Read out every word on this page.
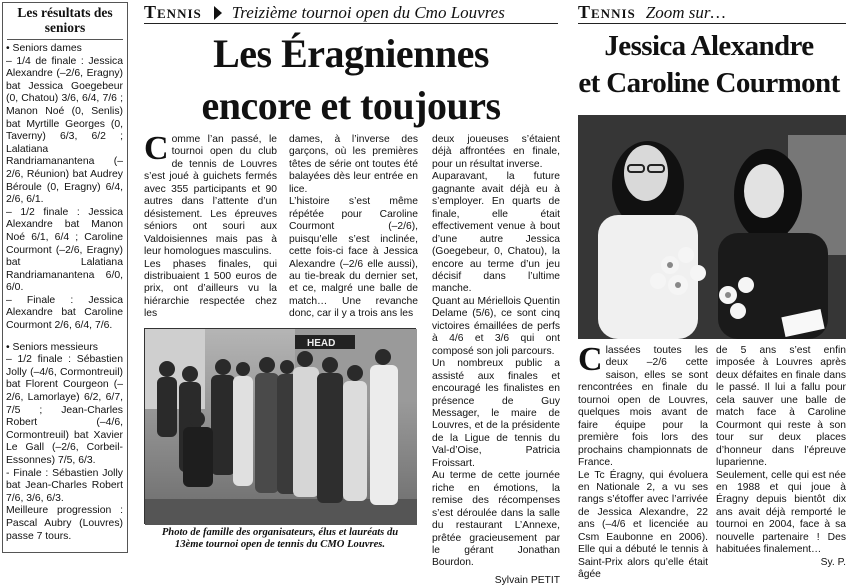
Les résultats des seniors
• Seniors dames
– 1/4 de finale : Jessica Alexandre (–2/6, Eragny) bat Jessica Goegebeur (0, Chatou) 3/6, 6/4, 7/6 ; Manon Noé (0, Senlis) bat Myrtille Georges (0, Taverny) 6/3, 6/2 ; Lalatiana Randriamanantena (–2/6, Réunion) bat Audrey Béroule (0, Eragny) 6/4, 2/6, 6/1.
– 1/2 finale : Jessica Alexandre bat Manon Noé 6/1, 6/4 ; Caroline Courmont (–2/6, Eragny) bat Lalatiana Randriamanantena 6/0, 6/0.
– Finale : Jessica Alexandre bat Caroline Courmont 2/6, 6/4, 7/6.
• Seniors messieurs
– 1/2 finale : Sébastien Jolly (–4/6, Cormontreuil) bat Florent Courgeon (–2/6, Lamorlaye) 6/2, 6/7, 7/5 ; Jean-Charles Robert (–4/6, Cormontreuil) bat Xavier Le Gall (–2/6, Corbeil-Essonnes) 7/5, 6/3.
- Finale : Sébastien Jolly bat Jean-Charles Robert 7/6, 3/6, 6/3.
Meilleure progression : Pascal Aubry (Louvres) passe 7 tours.
Tennis Treizième tournoi open du Cmo Louvres
Les Éragniennes
encore et toujours

Comme l’an passé, le tournoi open du club de tennis de Louvres s’est joué à guichets fermés avec 355 participants et 90 autres dans l’attente d’un désistement. Les épreuves séniors ont souri aux Valdoisiennes mais pas à leur homologues masculins.

Les phases finales, qui distribuaient 1 500 euros de prix, ont d’ailleurs vu la hiérarchie respectée chez les

dames, à l’inverse des garçons, où les premières têtes de série ont toutes été balayées dès leur entrée en lice.

L’histoire s’est même répétée pour Caroline Courmont (–2/6), puisqu’elle s’est inclinée, cette fois-ci face à Jessica Alexandre (–2/6 elle aussi), au tie-break du dernier set, et ce, malgré une balle de match… Une revanche donc, car il y a trois ans les

deux joueuses s’étaient déjà affrontées en finale, pour un résultat inverse.

Auparavant, la future gagnante avait déjà eu à s’employer. En quarts de finale, elle était effectivement venue à bout d’une autre Jessica (Goegebeur, 0, Chatou), la encore au terme d’un jeu décisif dans l’ultime manche.

Quant au Mériellois Quentin Delame (5/6), ce sont cinq victoires émaillées de perfs à 4/6 et 3/6 qui ont composé son joli parcours.

Un nombreux public a assisté aux finales et encouragé les finalistes en présence de Guy Messager, le maire de Louvres, et de la présidente de la Ligue de tennis du Val-d’Oise, Patricia Froissart.

Au terme de cette journée riche en émotions, la remise des récompenses s’est déroulée dans la salle du restaurant L’Annexe, prêtée gracieusement par le gérant Jonathan Bourdon.

Sylvain PETIT

HEAD
Photo de famille des organisateurs, élus et lauréats du
13ème tournoi open de tennis du CMO Louvres.
Tennis Zoom sur…
Jessica Alexandre
et Caroline Courmont

Classées toutes les deux –2/6 cette saison, elles se sont rencontrées en finale du tournoi open de Louvres, quelques mois avant de faire équipe pour la première fois lors des prochains championnats de France.

Le Tc Éragny, qui évoluera en Nationale 2, a vu ses rangs s’étoffer avec l’arrivée de Jessica Alexandre, 22 ans (–4/6 et licenciée au Csm Eaubonne en 2006). Elle qui a débuté le tennis à Saint-Prix alors qu’elle était âgée

de 5 ans s’est enfin imposée à Louvres après deux défaites en finale dans le passé. Il lui a fallu pour cela sauver une balle de match face à Caroline Courmont qui reste à son tour sur deux places d’honneur dans l’épreuve luparienne.

Seulement, celle qui est née en 1988 et qui joue à Éragny depuis bientôt dix ans avait déjà remporté le tournoi en 2004, face à sa nouvelle partenaire ! Des habituées finalement…

Sy. P.
